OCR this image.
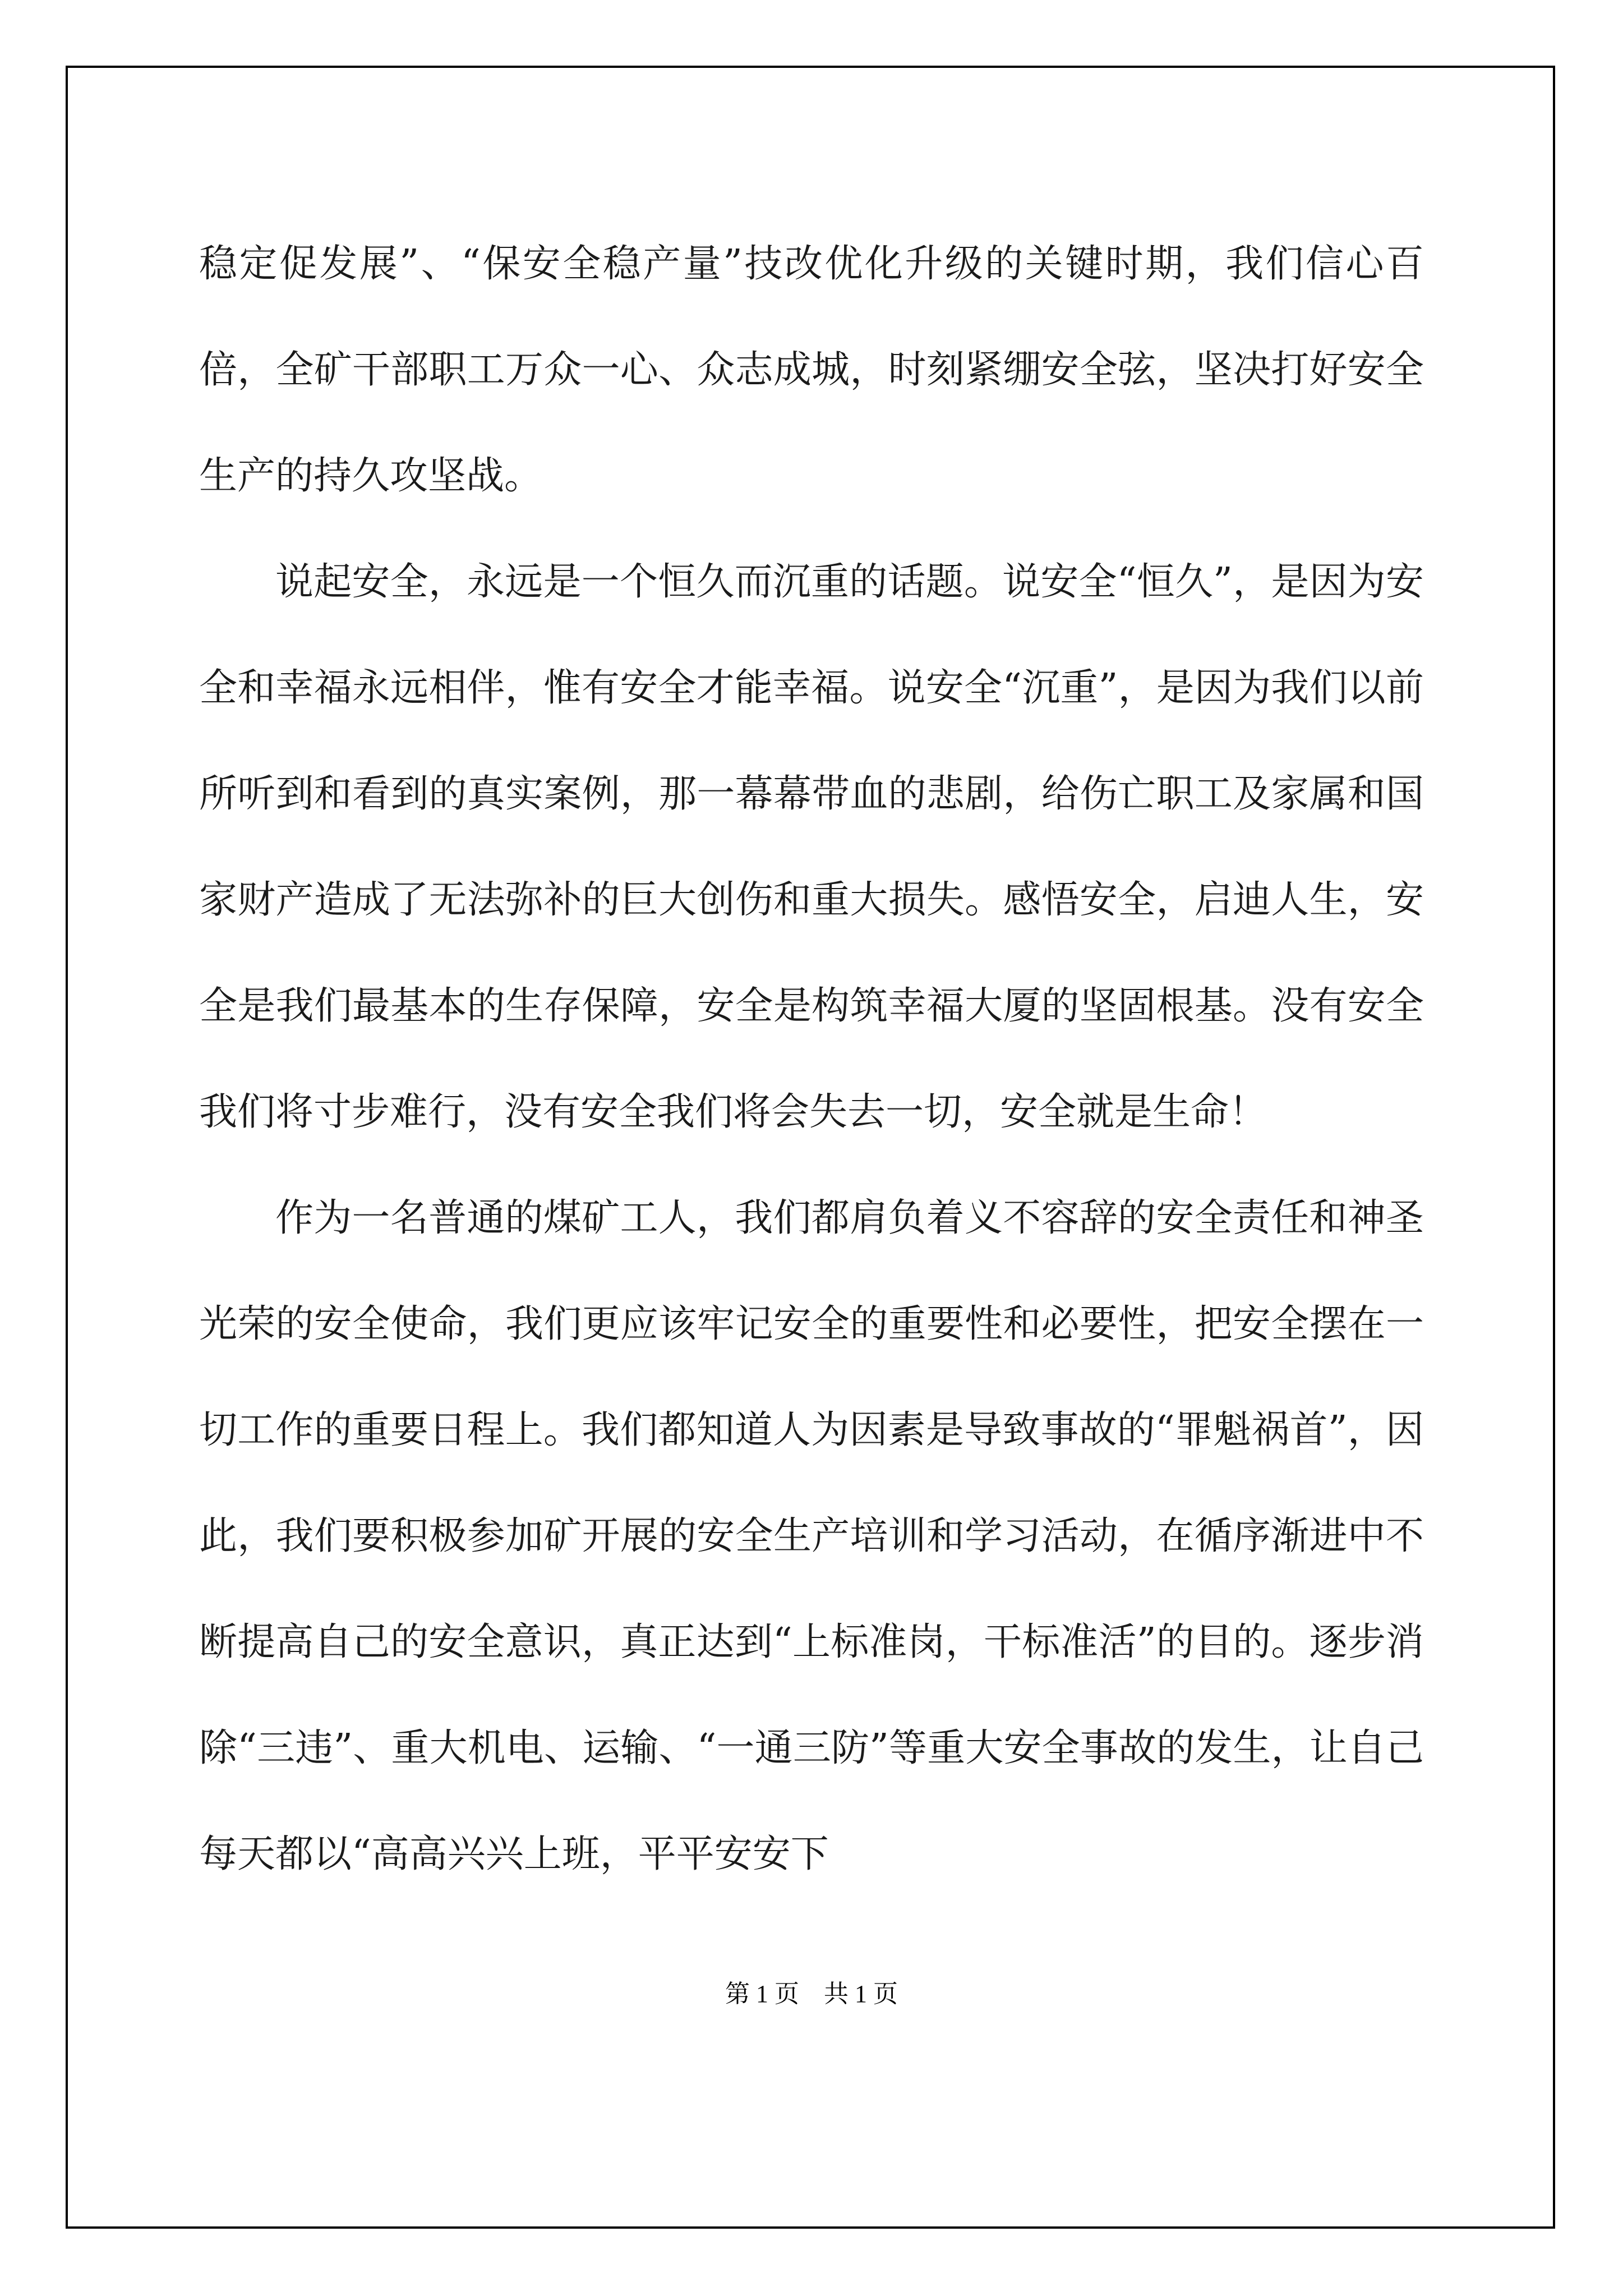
稳定促发展”、“保安全稳产量”技改优化升级的关键时期，我们信心百倍，全矿干部职工万众一心、众志成城，时刻紧绷安全弦，坚决打好安全生产的持久攻坚战。

说起安全，永远是一个恒久而沉重的话题。说安全“恒久”，是因为安全和幸福永远相伴，惟有安全才能幸福。说安全“沉重”，是因为我们以前所听到和看到的真实案例，那一幕幕带血的悲剧，给伤亡职工及家属和国家财产造成了无法弥补的巨大创伤和重大损失。感悟安全，启迪人生，安全是我们最基本的生存保障，安全是构筑幸福大厦的坚固根基。没有安全我们将寸步难行，没有安全我们将会失去一切，安全就是生命！

作为一名普通的煤矿工人，我们都肩负着义不容辞的安全责任和神圣光荣的安全使命，我们更应该牢记安全的重要性和必要性，把安全摆在一切工作的重要日程上。我们都知道人为因素是导致事故的“罪魁祸首”，因此，我们要积极参加矿开展的安全生产培训和学习活动，在循序渐进中不断提高自己的安全意识，真正达到“上标准岗，干标准活”的目的。逐步消除“三违”、重大机电、运输、“一通三防”等重大安全事故的发生，让自己每天都以“高高兴兴上班，平平安安下

第 1 页    共 1 页
